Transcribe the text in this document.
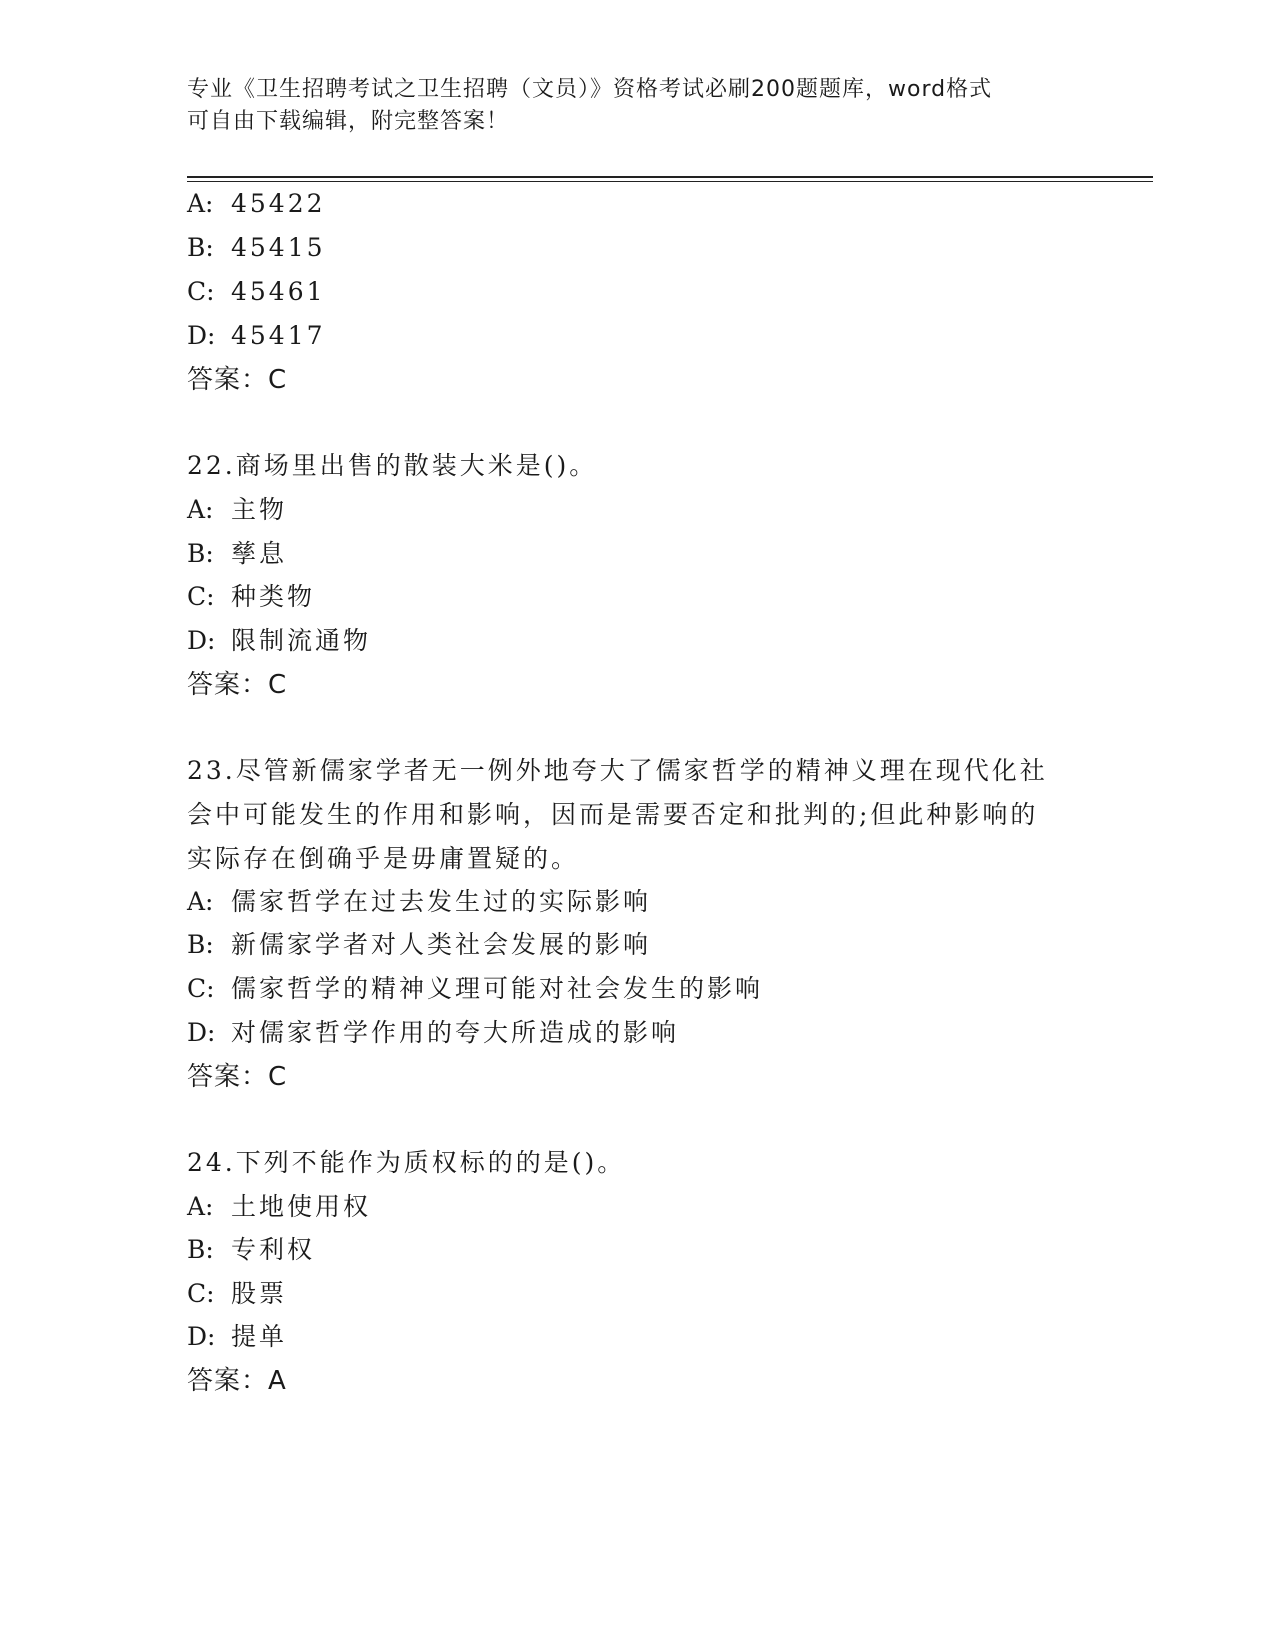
专业《卫生招聘考试之卫生招聘（文员）》资格考试必刷200题题库，word格式
可自由下载编辑，附完整答案！
A: 45422
B: 45415
C: 45461
D: 45417
答案：C
22.商场里出售的散装大米是()。
A: 主物
B: 孳息
C: 种类物
D: 限制流通物
答案：C
23.尽管新儒家学者无一例外地夸大了儒家哲学的精神义理在现代化社
会中可能发生的作用和影响，因而是需要否定和批判的;但此种影响的
实际存在倒确乎是毋庸置疑的。
A: 儒家哲学在过去发生过的实际影响
B: 新儒家学者对人类社会发展的影响
C: 儒家哲学的精神义理可能对社会发生的影响
D: 对儒家哲学作用的夸大所造成的影响
答案：C
24.下列不能作为质权标的的是()。
A: 土地使用权
B: 专利权
C: 股票
D: 提单
答案：A
